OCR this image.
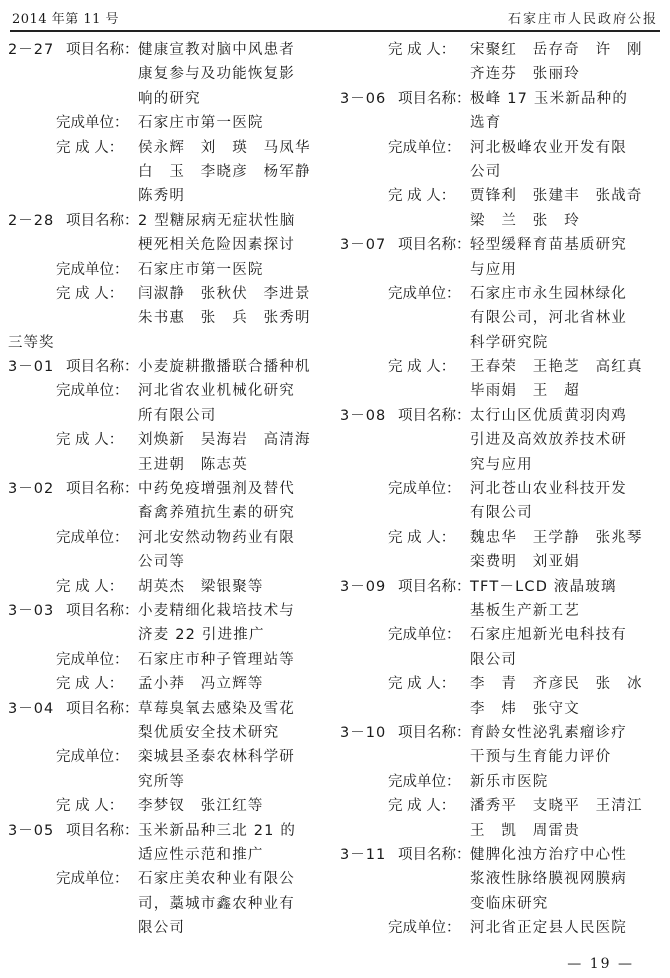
2014 年第 11 号	石家庄市人民政府公报
2－27 项目名称： 健康宣教对脑中风患者
康复参与及功能恢复影
响的研究
完成单位： 石家庄市第一医院
完 成 人： 侯永辉　刘　瑛　马凤华
白　玉　李晓彦　杨军静
陈秀明
2－28 项目名称： 2 型糖尿病无症状性脑
梗死相关危险因素探讨
完成单位： 石家庄市第一医院
完 成 人： 闫淑静　张秋伏　李进景
朱书惠　张　兵　张秀明
三等奖
3－01 项目名称： 小麦旋耕撒播联合播种机
完成单位： 河北省农业机械化研究
所有限公司
完 成 人： 刘焕新　吴海岩　高清海
王进朝　陈志英
3－02 项目名称： 中药免疫增强剂及替代
畜禽养殖抗生素的研究
完成单位： 河北安然动物药业有限
公司等
完 成 人： 胡英杰　梁银聚等
3－03 项目名称： 小麦精细化栽培技术与
济麦 22 引进推广
完成单位： 石家庄市种子管理站等
完 成 人： 孟小莽　冯立辉等
3－04 项目名称： 草莓臭氧去感染及雪花
梨优质安全技术研究
完成单位： 栾城县圣泰农林科学研
究所等
完 成 人： 李梦钗　张江红等
3－05 项目名称： 玉米新品种三北 21 的
适应性示范和推广
完成单位： 石家庄美农种业有限公
司，藁城市鑫农种业有
限公司
完 成 人： 宋聚红　岳存奇　许　刚
齐连芬　张丽玲
3－06 项目名称： 极峰 17 玉米新品种的
选育
完成单位： 河北极峰农业开发有限
公司
完 成 人： 贾锋利　张建丰　张战奇
梁　兰　张　玲
3－07 项目名称： 轻型缓释育苗基质研究
与应用
完成单位： 石家庄市永生园林绿化
有限公司，河北省林业
科学研究院
完 成 人： 王春荣　王艳芝　高红真
毕雨娟　王　超
3－08 项目名称： 太行山区优质黄羽肉鸡
引进及高效放养技术研
究与应用
完成单位： 河北苍山农业科技开发
有限公司
完 成 人： 魏忠华　王学静　张兆琴
栾费明　刘亚娟
3－09 项目名称： TFT－LCD 液晶玻璃
基板生产新工艺
完成单位： 石家庄旭新光电科技有
限公司
完 成 人： 李　青　齐彦民　张　冰
李　炜　张守文
3－10 项目名称： 育龄女性泌乳素瘤诊疗
干预与生育能力评价
完成单位： 新乐市医院
完 成 人： 潘秀平　支晓平　王清江
王　凯　周雷贵
3－11 项目名称： 健脾化浊方治疗中心性
浆液性脉络膜视网膜病
变临床研究
完成单位： 河北省正定县人民医院
— 19 —
